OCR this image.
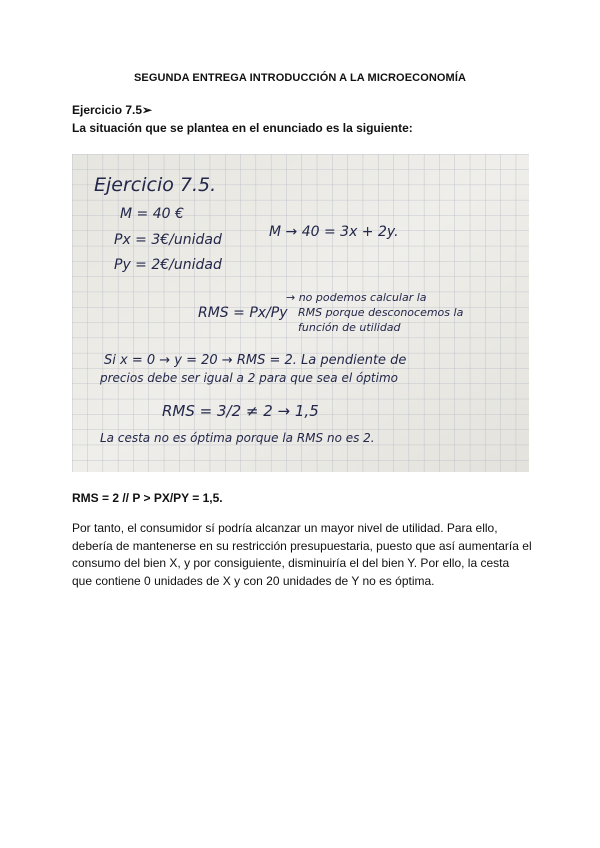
SEGUNDA ENTREGA INTRODUCCIÓN A LA MICROECONOMÍA
Ejercicio 7.5➢
La situación que se plantea en el enunciado es la siguiente:
Ejercicio 7.5.
M = 40 €
Px = 3€/unidad
Py = 2€/unidad
M → 40 = 3x + 2y.
RMS = Px/Py
→ no podemos calcular la
RMS porque desconocemos la
función de utilidad
Si x = 0 → y = 20 → RMS = 2. La pendiente de
precios debe ser igual a 2 para que sea el óptimo
RMS = 3/2 ≠ 2 → 1,5
La cesta no es óptima porque la RMS no es 2.
RMS = 2 // P > PX/PY = 1,5.

Por tanto, el consumidor sí podría alcanzar un mayor nivel de utilidad. Para ello, debería de mantenerse en su restricción presupuestaria, puesto que así aumentaría el consumo del bien X, y por consiguiente, disminuiría el del bien Y. Por ello, la cesta que contiene 0 unidades de X y con 20 unidades de Y no es óptima.
